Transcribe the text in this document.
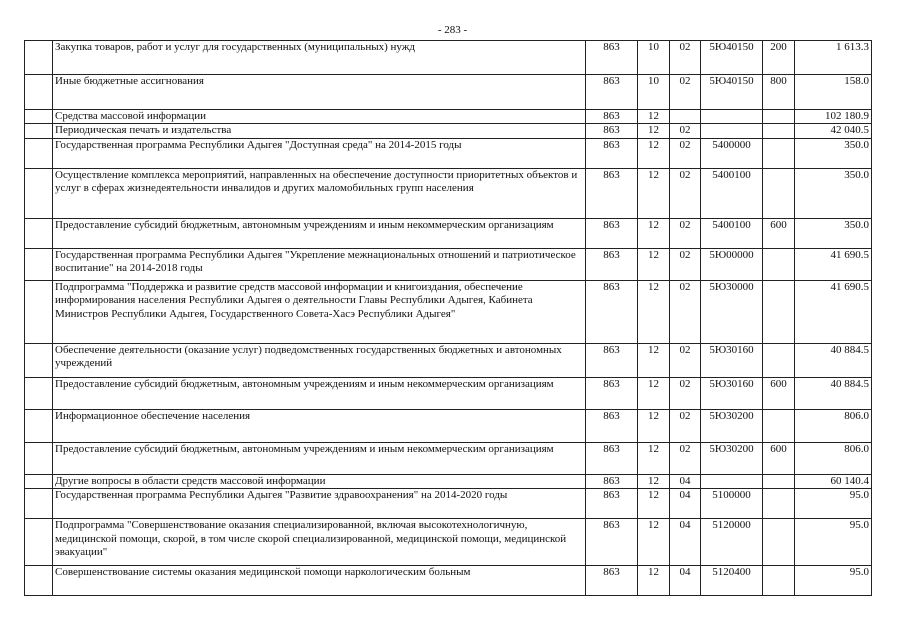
- 283 -
	Закупка товаров, работ и услуг для государственных (муниципальных) нужд	863	10	02	5Ю40150	200	1 613.3
	Иные бюджетные ассигнования	863	10	02	5Ю40150	800	158.0
	Средства массовой информации	863	12				102 180.9
	Периодическая печать и издательства	863	12	02			42 040.5
	Государственная программа Республики Адыгея "Доступная среда" на 2014-2015 годы	863	12	02	5400000		350.0
	Осуществление комплекса мероприятий, направленных на обеспечение доступности приоритетных объектов и услуг в сферах жизнедеятельности инвалидов и других маломобильных групп населения	863	12	02	5400100		350.0
	Предоставление субсидий бюджетным, автономным учреждениям и иным некоммерческим организациям	863	12	02	5400100	600	350.0
	Государственная программа Республики Адыгея "Укрепление межнациональных отношений и патриотическое воспитание" на 2014-2018 годы	863	12	02	5Ю00000		41 690.5
	Подпрограмма "Поддержка и развитие средств массовой информации и книгоиздания, обеспечение информирования населения Республики Адыгея о деятельности Главы Республики Адыгея, Кабинета Министров Республики Адыгея, Государственного Совета-Хасэ Республики Адыгея"	863	12	02	5Ю30000		41 690.5
	Обеспечение деятельности (оказание услуг) подведомственных государственных бюджетных и автономных учреждений	863	12	02	5Ю30160		40 884.5
	Предоставление субсидий бюджетным, автономным учреждениям и иным некоммерческим организациям	863	12	02	5Ю30160	600	40 884.5
	Информационное обеспечение населения	863	12	02	5Ю30200		806.0
	Предоставление субсидий бюджетным, автономным учреждениям и иным некоммерческим организациям	863	12	02	5Ю30200	600	806.0
	Другие вопросы в области средств массовой информации	863	12	04			60 140.4
	Государственная программа Республики Адыгея "Развитие здравоохранения" на 2014-2020 годы	863	12	04	5100000		95.0
	Подпрограмма "Совершенствование оказания специализированной, включая высокотехнологичную, медицинской помощи, скорой, в том числе скорой специализированной, медицинской помощи, медицинской эвакуации"	863	12	04	5120000		95.0
	Совершенствование системы оказания медицинской помощи наркологическим больным	863	12	04	5120400		95.0
